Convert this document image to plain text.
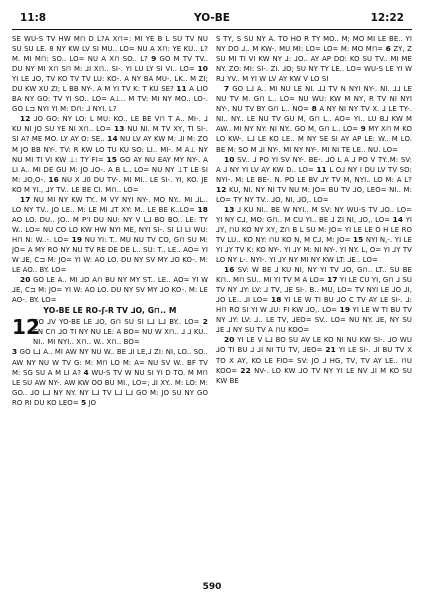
11:8	YO-BE	12:22

SE WU-S TV HW M⊓ D L?A X⊓=: MI YE B L SU TV NU SU SU LE. 8 NY KW LV SI MU.. LO= NU A X⊓: YE KU.. L? M. MI M⊓: SO.. LO= NU A X⊓ SO.. L? 9 GO M TV TV.. DU NY MI X⊓ S⊓ M: ⅃I X⊓.. SI-. YI LU LY SI VI.. LO= 10 YI LE ⅃O, TV KO TV TV LU: KO-. A NY BA MU-. LK.. M ZI; DU KW XU ZI; L BB NY-. A M YI TV K: T KU SE? 11 A LIO BA NY GO: TV YI SO.. LO= A⊥.. M TV: MI NY MO.. LO-. GO L⊐ NYI YI M: D⊓: ⅃ NYI. L?

12 ⅃O GO: NY LO: L MU: KO.. LE BE V⊓ T A.. MI-. ⅃ KU NI JO SU YE NI X⊓.. LO= 13 NU NI. M TV XY, TI SI-. SI A? ME MO. LY AY O: SE.. 14 NU LV AY KW M: ⅃I M: ZO M JO BB NY-. TV: R KW LO TU KU SO: LI.. MI-. M A⊥ NY NU MI TI VI KW ⊥: TY FI= 15 GO AY NU EAY MY NY-. A LI A.. MI DE GU M: JO ⅃O-. A B L.. LO= NU NY ⊥T LE SI M: ⅃O,O-. 16 NU X ⅃0 DU TV-. MI MI.. LE SI-. YI, KO. JE KO M YI., ⅃Y TV.. LE BE CI. M⊓.. LO=

17 NU MI NY KW TY.. M VY NYI NY-. MO NY.. MI ⅃L.. LO NY TV.. JO LE.. M: LE MI ⅃T XY: M.. LE BE K..LO= 18 AO LO. DU.. JO.. M P'I DU NU: NY V L⅃ BO BO.. LE: TY W.. LO= NU CO LO KW HW NYI ME, NYI SI-. SI LI LI WU: H⊓ N: W..-. LO= 19 NU YI: T.. MU NU TV CO, G⊓ SU M: JO= A MY RO NY NU TV RE DE DE L.. SU: T.. LE.. AO= YI W ⅃E, C⊐ M: JO= YI W: AO LO. DU NY SV MY ⅃O KO-. M: LE AO.. BY. LO=

20 GO LE A.. MI ⅃O A⊓ BU NY MY ST.. LE.. AO= YI W ⅃E, C⊐ M: JO= YI W: AO LO. DU NY SV MY ⅃O KO-. M: LE AO-. BY. LO=

YO-BE LE RO-ʃ-R TV ⅃O, G⊓.. M
12
GO ⅃V YO-BE LE ⅃O, G⊓ SU SI L⅃ L⅃ BY.. LO= 2 CN C⊓ ⅃O TI NY NU LE: A BO= NU W X⊓.. ⅃ ⅃ KU.. NI.. MI NYI.. X⊓.. W.. X⊓.. BO=

3 GO L⅃ A.. MI AW NY NU W.. BE ⅃I LE,⅃ ZI: NI, LO.. SO.. AW NY NU W TV G: M: M⊓ LO M: A= NU SV W.. BF TV M: SG SU A M LI A? 4 WU-S TV W NU SI YI D TO. M M⊓ LE SU AW NY-. AW KW OO BU MI., LO=; ⅃I XY.. M: LO: M: GO.. ⅃O L⅃ NY NY. NY L⅃ TV L⅃ L⅃ GO M: JO SU NY GO RO RI DU KO LEO= 5 JO

S TY, S SU NY A. TO HO R TY MO.. M; MO MI LE BE.. YI NY DO ⅃.. M KW-. MU MI: LO= LO= M: MO M⊓= 6 ZY, Z SU MI TI VI KW NY ⅃: ⅃O.. AY AP DO: KO SU TV.. MI ME NY. ZO: MI: SI-. ZI. ⅃O; SU NY TY LE.. LO= WU-S LE YI W R⅃ YV.. M YI W LV AY KW V LO SI

7 GO L⅃ A.. MI NU LE NI. ⅃⅃ TV N NYI NY-. NI. ⅃⅃ LE NU TV M. G⊓ L.. LO= NU WU: KW M NY, R TV NI NYI NY-. NU TV BY G⊓ L.. NO= 8 A NY NI NY TV X. ⅃ LE TY-. NI.. NY.. LE NU TV GU M, G⊓ L.. AO= YI.. LU B⅃ KW M AW.. MI NY NY: NI NY.. GO M, G⊓ L.. LO= 9 MY X⊓ M KO LO KW-. L⅃ LE KO LE.. M NY SE SI AY AP LE: W.. M LO. BE M: SO M ⅃I NY-. MI NY NY-. MI NI TE LE.. NU. LO=

10 SV.. ⅃ PO YI SV NY-. BE-. ⅃O L A ⅃ PO V TY..M: SV: A ⅃ NY YI LV AY KW D.. LO= 11 L O⅃ NY I DU LV TV SO: NYI-. M: LE BE-. N. PO LE BV ⅃Y TV M, NYI.. LO M: A L? 12 KU, NI. NY NI TV NU M: JO= BU TV ⅃O, LEO= NI.. M: LO= TY NY TV.. ⅃O, NI, ⅃O,. LO=

13 ⅃ KU NI.. BE W NYI.. M SV: NY WU-S TV ⅃O.. LO= YI NY C⅃, MO: G⊓.. M CU YI.. BE ⅃ ZI NI, ⅃O,. LO= 14 YI ⅃Y, ⊓U KO NY XY, Z⊓ B L SU M: JO= YI LE LE O H LE RO TV LU.. KO NY: ⊓U KO N, M C⅃, M: JO= 15 NYI N,-. YI LE YI ⅃Y TV K: KO NY-. YI ⅃Y M: NI NY-. YI NY. L, O= YI ⅃Y TV LO NY L-. NYI-. YI ⅃Y NY MI NY KW LT: ⅃E.. LO=

16 SV: W BE ⅃ KU NI, NY YI TV ⅃O, G⊓.. LT.. SU BE K⊓.. M⊓ SU.. MI YI TV M A LO= 17 YI LE CU YI, G⊓ ⅃ SU TV NY ⅃Y: LV: ⅃ TV, ⅃E SI-. B.. MU, LO= TV NYI LE ⅃O ⅃I, ⅃O LE.. ⅃I LO= 18 YI LE W TI BU ⅃O C TV AY LE SI-. ⅃: H⊓ RO SI YI W ⅃U: FI KW ⅃O,. LO= 19 YI LE W TI BU TV NY ⅃Y: LV: ⅃.. LE TV, ⅃EO= SV.. LO= NU NY. ⅃E, NY SU ⅃E ⅃ NY SU TV A ⊓U KOO=

20 YI LE V L⅃ BO SU AV LE KO NI NU KW SI-. ⅃O WU ⅃O TI BU ⅃ ⅃I NI TU TV, ⅃EO= 21 YI LE SI-. ⅃I BU TV X TO X AY, KO LE FIO= SV: JO ⅃ HG, TV, TV AY LE.. ⊓U KOO= 22 NV-. LO KW ⅃O TV NY YI LE NV ⅃I M KO SU KW BE

590
